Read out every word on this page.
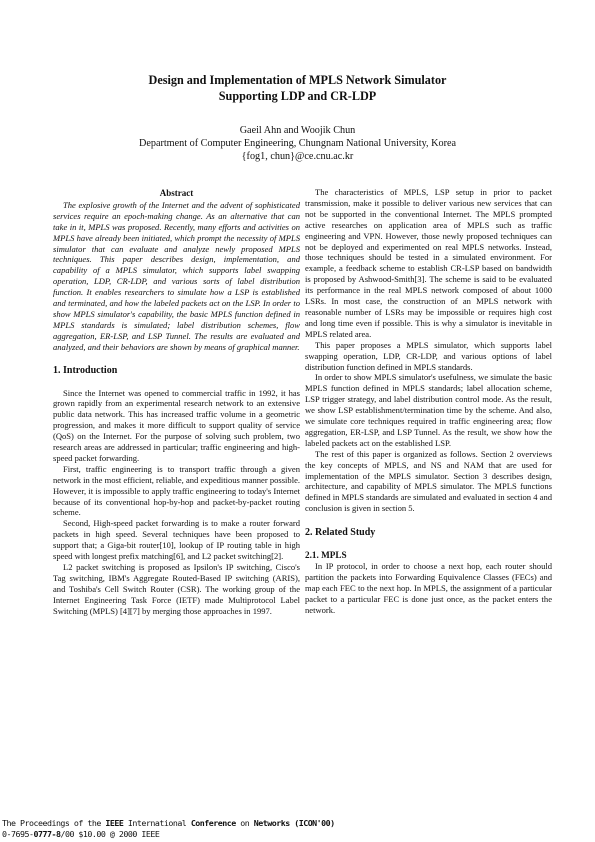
Design and Implementation of MPLS Network Simulator
Supporting LDP and CR-LDP
Gaeil Ahn and Woojik Chun
Department of Computer Engineering, Chungnam National University, Korea
{fog1, chun}@ce.cnu.ac.kr
Abstract

The explosive growth of the Internet and the advent of sophisticated services require an epoch-making change. As an alternative that can take in it, MPLS was proposed. Recently, many efforts and activities on MPLS have already been initiated, which prompt the necessity of MPLS simulator that can evaluate and analyze newly proposed MPLS techniques. This paper describes design, implementation, and capability of a MPLS simulator, which supports label swapping operation, LDP, CR-LDP, and various sorts of label distribution function. It enables researchers to simulate how a LSP is established and terminated, and how the labeled packets act on the LSP. In order to show MPLS simulator's capability, the basic MPLS function defined in MPLS standards is simulated; label distribution schemes, flow aggregation, ER-LSP, and LSP Tunnel. The results are evaluated and analyzed, and their behaviors are shown by means of graphical manner.

1. Introduction

Since the Internet was opened to commercial traffic in 1992, it has grown rapidly from an experimental research network to an extensive public data network. This has increased traffic volume in a geometric progression, and makes it more difficult to support quality of service (QoS) on the Internet. For the purpose of solving such problem, two research areas are addressed in particular; traffic engineering and high-speed packet forwarding.

First, traffic engineering is to transport traffic through a given network in the most efficient, reliable, and expeditious manner possible. However, it is impossible to apply traffic engineering to today's Internet because of its conventional hop-by-hop and packet-by-packet routing scheme.

Second, High-speed packet forwarding is to make a router forward packets in high speed. Several techniques have been proposed to support that; a Giga-bit router[10], lookup of IP routing table in high speed with longest prefix matching[6], and L2 packet switching[2].

L2 packet switching is proposed as Ipsilon's IP switching, Cisco's Tag switching, IBM's Aggregate Routed-Based IP switching (ARIS), and Toshiba's Cell Switch Router (CSR). The working group of the Internet Engineering Task Force (IETF) made Multiprotocol Label Switching (MPLS) [4][7] by merging those approaches in 1997.

The characteristics of MPLS, LSP setup in prior to packet transmission, make it possible to deliver various new services that can not be supported in the conventional Internet. The MPLS prompted active researches on application area of MPLS such as traffic engineering and VPN. However, those newly proposed techniques can not be deployed and experimented on real MPLS networks. Instead, those techniques should be tested in a simulated environment. For example, a feedback scheme to establish CR-LSP based on bandwidth is proposed by Ashwood-Smith[3]. The scheme is said to be evaluated its performance in the real MPLS network composed of about 1000 LSRs. In most case, the construction of an MPLS network with reasonable number of LSRs may be impossible or requires high cost and long time even if possible. This is why a simulator is inevitable in MPLS related area.

This paper proposes a MPLS simulator, which supports label swapping operation, LDP, CR-LDP, and various options of label distribution function defined in MPLS standards.

In order to show MPLS simulator's usefulness, we simulate the basic MPLS function defined in MPLS standards; label allocation scheme, LSP trigger strategy, and label distribution control mode. As the result, we show LSP establishment/termination time by the scheme. And also, we simulate core techniques required in traffic engineering area; flow aggregation, ER-LSP, and LSP Tunnel. As the result, we show how the labeled packets act on the established LSP.

The rest of this paper is organized as follows. Section 2 overviews the key concepts of MPLS, and NS and NAM that are used for implementation of the MPLS simulator. Section 3 describes design, architecture, and capability of MPLS simulator. The MPLS functions defined in MPLS standards are simulated and evaluated in section 4 and conclusion is given in section 5.

2. Related Study
2.1. MPLS

In IP protocol, in order to choose a next hop, each router should partition the packets into Forwarding Equivalence Classes (FECs) and map each FEC to the next hop. In MPLS, the assignment of a particular packet to a particular FEC is done just once, as the packet enters the network.

The Proceedings of the IEEE International Conference on Networks (ICON'00)
0-7695-0777-8/00 $10.00 @ 2000 IEEE
